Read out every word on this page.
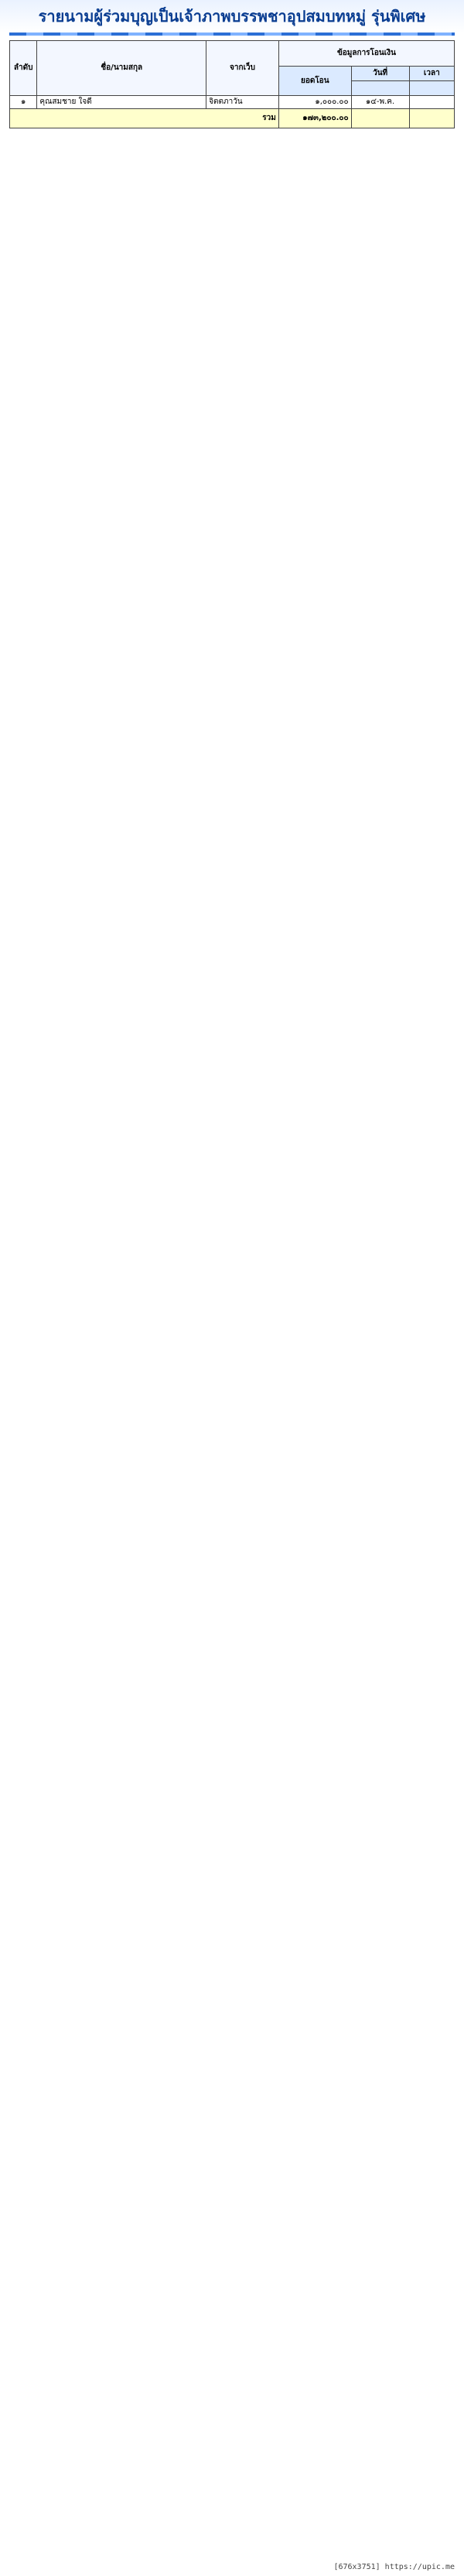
รายนามผู้ร่วมบุญเป็นเจ้าภาพบรรพชาอุปสมบทหมู่ รุ่นพิเศษ
ลำดับ	ชื่อ/นามสกุล	จากเว็บ	ข้อมูลการโอนเงิน		
			ยอดโอน	วันที่	เวลา

๑	คุณสมชาย ใจดี	จิตตภาวัน	๑,๐๐๐.๐๐	๑๔-พ.ค.	
รวม			๑๗๓,๒๐๐.๐๐		
[676x3751] https://upic.me
